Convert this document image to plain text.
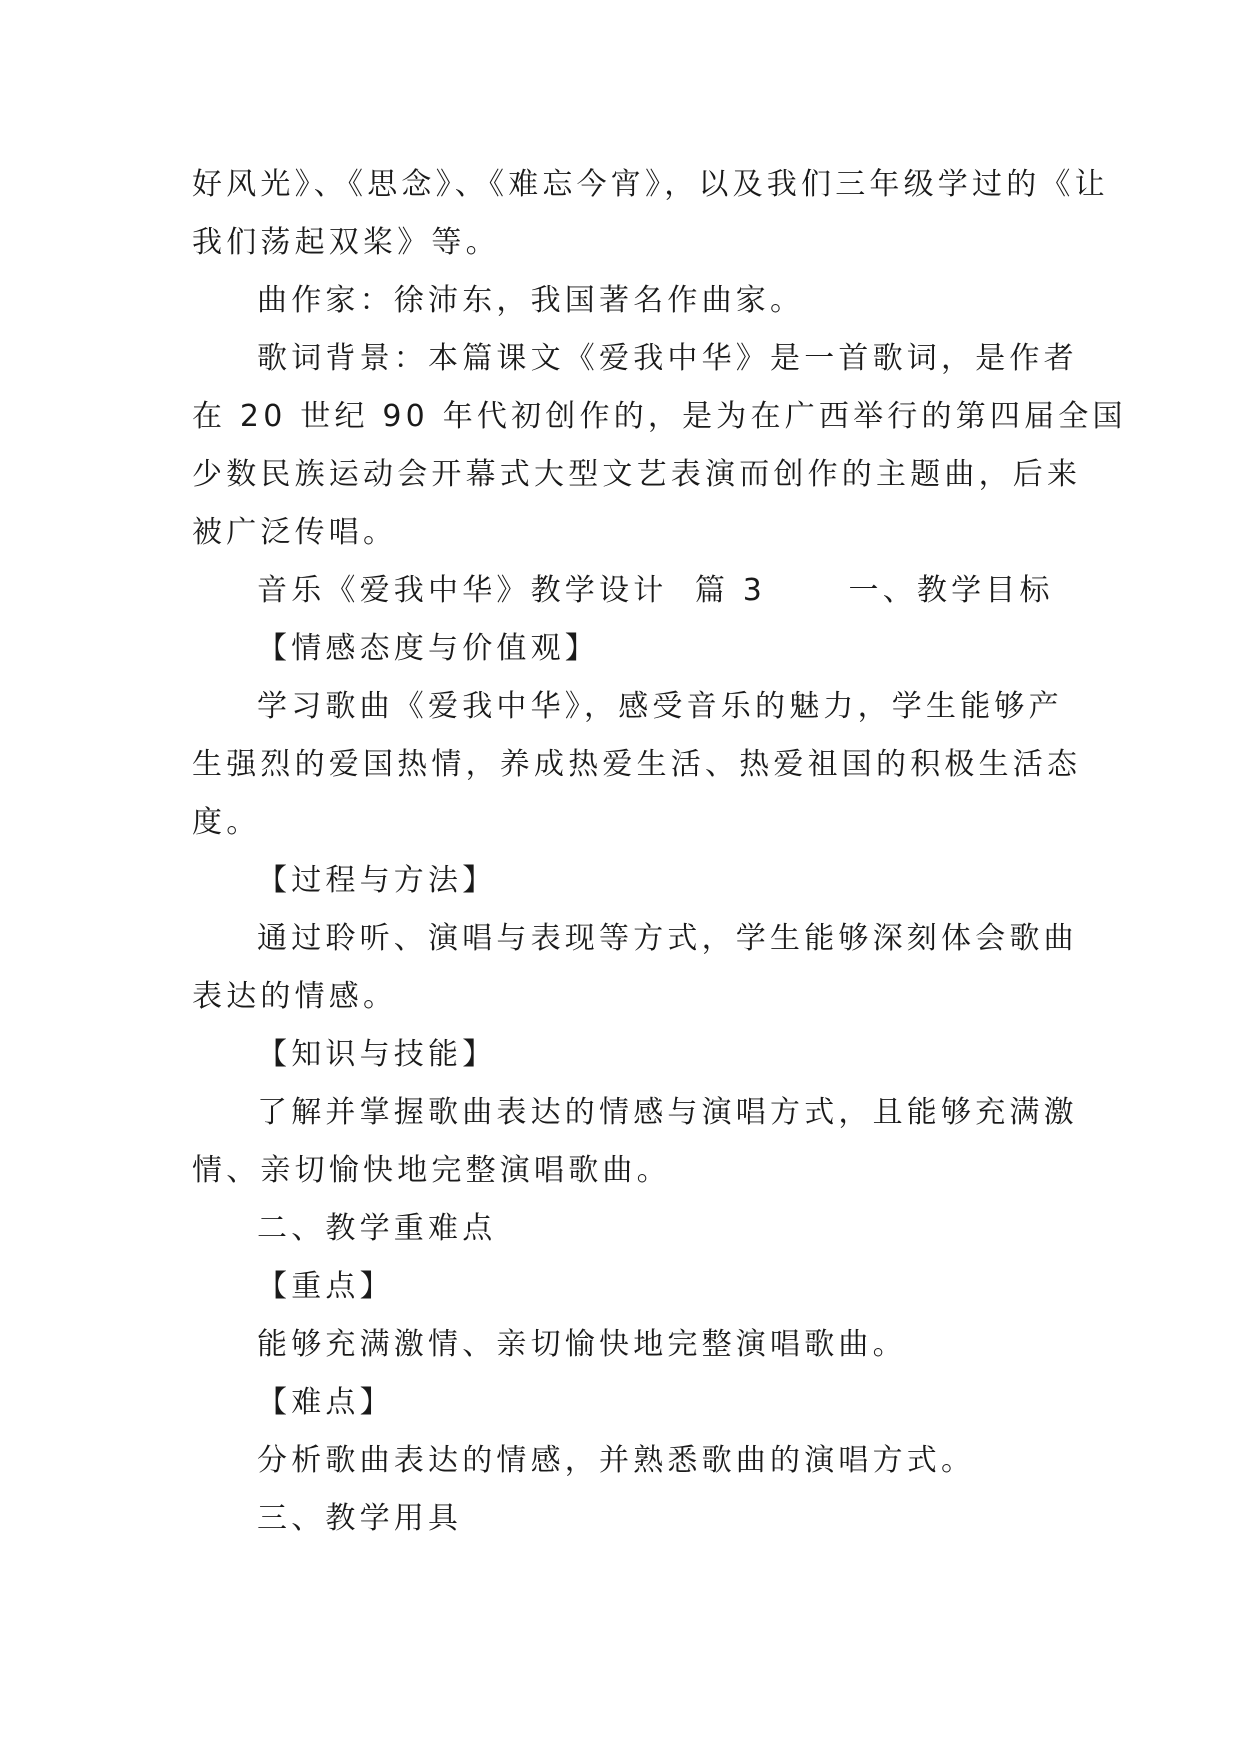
好风光》、《思念》、《难忘今宵》，以及我们三年级学过的《让

我们荡起双桨》等。

曲作家：徐沛东，我国著名作曲家。

歌词背景：本篇课文《爱我中华》是一首歌词，是作者

在 20 世纪 90 年代初创作的，是为在广西举行的第四届全国

少数民族运动会开幕式大型文艺表演而创作的主题曲，后来

被广泛传唱。

音乐《爱我中华》教学设计  篇 3      一、教学目标

【情感态度与价值观】

学习歌曲《爱我中华》，感受音乐的魅力，学生能够产

生强烈的爱国热情，养成热爱生活、热爱祖国的积极生活态

度。

【过程与方法】

通过聆听、演唱与表现等方式，学生能够深刻体会歌曲

表达的情感。

【知识与技能】

了解并掌握歌曲表达的情感与演唱方式，且能够充满激

情、亲切愉快地完整演唱歌曲。

二、教学重难点

【重点】

能够充满激情、亲切愉快地完整演唱歌曲。

【难点】

分析歌曲表达的情感，并熟悉歌曲的演唱方式。

三、教学用具
